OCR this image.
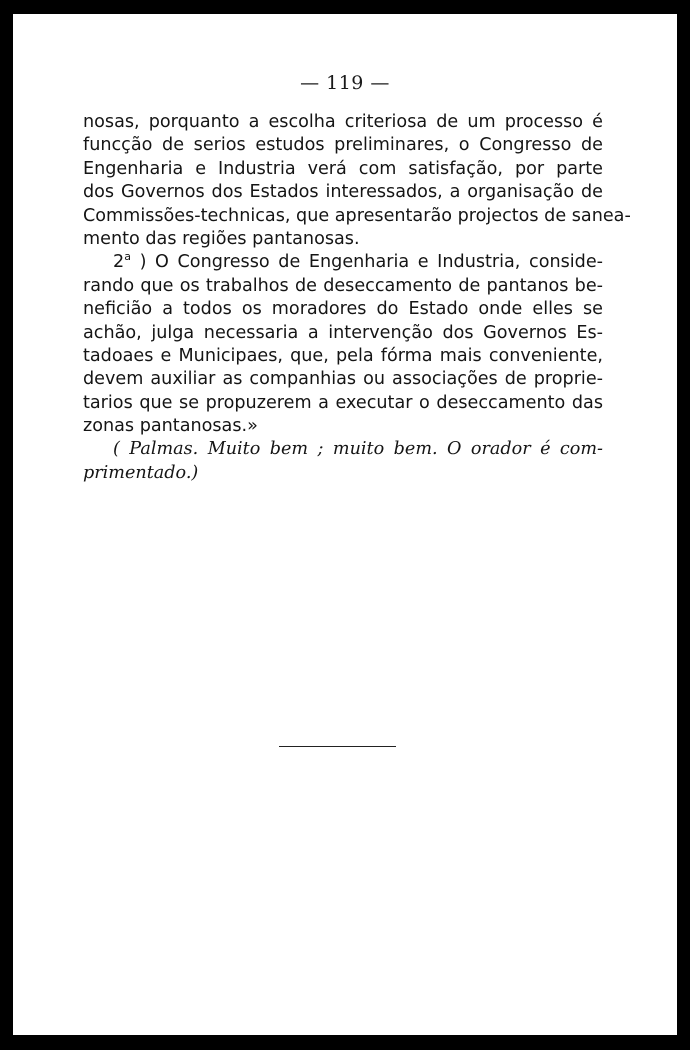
— 119 —
nosas, porquanto a escolha criteriosa de um processo é
funcção de serios estudos preliminares, o Congresso de
Engenharia e Industria verá com satisfação, por parte
dos Governos dos Estados interessados, a organisação de
Commissões-technicas, que apresentarão projectos de sanea-
mento das regiões pantanosas.
2$^a$ ) O Congresso de Engenharia e Industria, conside-
rando que os trabalhos de deseccamento de pantanos be-
neficião a todos os moradores do Estado onde elles se
achão, julga necessaria a intervenção dos Governos Es-
tadoaes e Municipaes, que, pela fórma mais conveniente,
devem auxiliar as companhias ou associações de proprie-
tarios que se propuzerem a executar o deseccamento das
zonas pantanosas.»
( Palmas. Muito bem ; muito bem. O orador é com-
primentado.)
